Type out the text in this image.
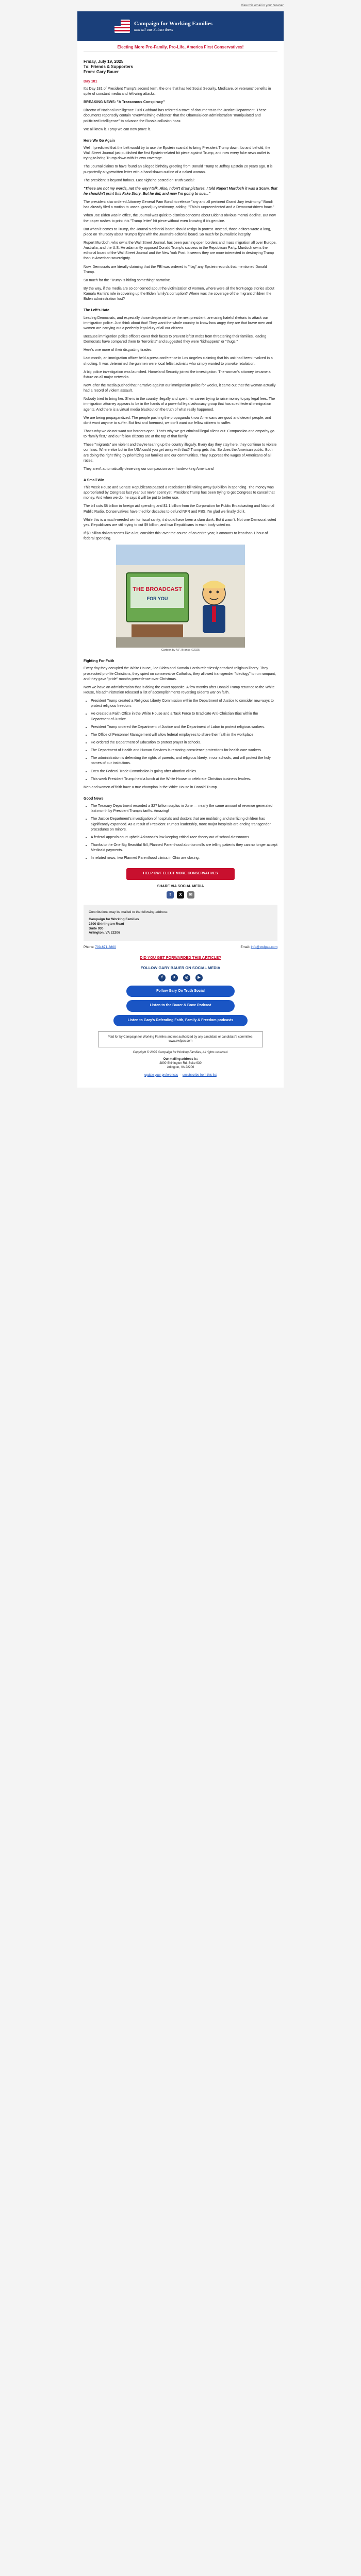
View this email in your browser
Campaign for Working Families
and all our Subscribers
Electing More Pro-Family, Pro-Life, America First Conservatives!
Friday, July 19, 2025
To: Friends & Supporters
From: Gary Bauer
Day 181

It's Day 181 of President Trump's second term, the one that has fed Social Security, Medicare, or veterans' benefits in spite of constant media and left-wing attacks.

BREAKING NEWS: "A Treasonous Conspiracy"

Director of National Intelligence Tulsi Gabbard has referred a trove of documents to the Justice Department. These documents reportedly contain "overwhelming evidence" that the Obama/Biden administration "manipulated and politicized intelligence" to advance the Russia collusion hoax.

We all knew it. I pray we can now prove it.

Here We Go Again

Well, I predicted that the Left would try to use the Epstein scandal to bring President Trump down. Lo and behold, the Wall Street Journal just published the first Epstein-related hit piece against Trump, and now every fake news outlet is trying to bring Trump down with its own coverage.

The Journal claims to have found an alleged birthday greeting from Donald Trump to Jeffrey Epstein 20 years ago. It is purportedly a typewritten letter with a hand-drawn outline of a naked woman.

The president is beyond furious. Last night he posted on Truth Social:

"These are not my words, not the way I talk. Also, I don't draw pictures. I told Rupert Murdoch it was a Scam, that he shouldn't print this Fake Story. But he did, and now I'm going to sue..."

The president also ordered Attorney General Pam Bondi to release "any and all pertinent Grand Jury testimony." Bondi has already filed a motion to unseal grand jury testimony, adding: "This is unprecedented and a Democrat-driven hoax."

When Joe Biden was in office, the Journal was quick to dismiss concerns about Biden's obvious mental decline. But now the paper rushes to print this "Trump letter" hit piece without even knowing if it's genuine.

But when it comes to Trump, the Journal's editorial board should resign in protest. Instead, those editors wrote a long, piece on Thursday about Trump's fight with the Journal's editorial board. So much for journalistic integrity.

Rupert Murdoch, who owns the Wall Street Journal, has been pushing open borders and mass migration all over Europe, Australia, and the U.S. He adamantly opposed Donald Trump's success in the Republican Party. Murdoch owns the editorial board of the Wall Street Journal and the New York Post. It seems they are more interested in destroying Trump than in American sovereignty.

Now, Democrats are literally claiming that the FBI was ordered to "flag" any Epstein records that mentioned Donald Trump.

So much for the "Trump is hiding something" narrative.

By the way, if the media are so concerned about the victimization of women, where were all the front-page stories about Kamala Harris's role in covering up the Biden family's corruption? Where was the coverage of the migrant children the Biden administration lost?

The Left's Hate

Leading Democrats, and especially those desperate to be the next president, are using hateful rhetoric to attack our immigration police. Just think about that! They want the whole country to know how angry they are that brave men and women are carrying out a perfectly legal duty of all our citizens.

Because immigration police officers cover their faces to prevent leftist mobs from threatening their families, leading Democrats have compared them to "terrorists" and suggested they were "kidnappers" or "thugs."

Here's one more of their disgusting tirades:

Last month, an immigration officer held a press conference in Los Angeles claiming that his unit had been involved in a shooting. It was determined the gunmen were local leftist activists who simply wanted to provoke retaliation.

A big police investigation was launched. Homeland Security joined the investigation. The woman's attorney became a fixture on all major networks.

Now, after the media pushed that narrative against our immigration police for weeks, it came out that the woman actually had a record of violent assault.

Nobody tried to bring her. She is in the country illegally and spent her career trying to raise money to pay legal fees. The immigration attorney appears to be in the hands of a powerful legal advocacy group that has sued federal immigration agents. And there is a virtual media blackout on the truth of what really happened.

We are being propagandized. The people pushing the propaganda know Americans are good and decent people, and don't want anyone to suffer. But first and foremost, we don't want our fellow citizens to suffer.

That's why we do not want our borders open. That's why we get criminal illegal aliens out. Compassion and empathy go to "family first," and our fellow citizens are at the top of that family.

These "migrants" are violent and they're tearing up the country illegally. Every day they stay here, they continue to violate our laws. Where else but in the USA could you get away with that? Trump gets this. So does the American public. Both are doing the right thing by prioritizing our families and our communities. They suppress the wages of Americans of all races.

They aren't automatically deserving our compassion over hardworking Americans!

A Small Win

This week House and Senate Republicans passed a rescissions bill taking away $9 billion in spending. The money was appropriated by Congress last year but never spent yet. President Trump has been trying to get Congress to cancel that money. And when we do, he says it will be put to better use.

The bill cuts $8 billion in foreign aid spending and $1.1 billion from the Corporation for Public Broadcasting and National Public Radio. Conservatives have tried for decades to defund NPR and PBS. I'm glad we finally did it.

While this is a much-needed win for fiscal sanity, it should have been a slam dunk. But it wasn't. Not one Democrat voted yes. Republicans are still trying to cut $9 billion, and two Republicans in each body voted no.

If $9 billion dollars seems like a lot, consider this: over the course of an entire year, it amounts to less than 1 hour of federal spending.

THE BROADCAST
FOR YOU
Cartoon by A.F. Branco ©2025
Fighting For Faith

Every day they occupied the White House, Joe Biden and Kamala Harris relentlessly attacked religious liberty. They prosecuted pro-life Christians, they spied on conservative Catholics, they allowed transgender "ideology" to run rampant, and they gave "pride" months precedence over Christmas.

Now we have an administration that is doing the exact opposite. A few months after Donald Trump returned to the White House, his administration released a list of accomplishments reversing Biden's war on faith.

• President Trump created a Religious Liberty Commission within the Department of Justice to consider new ways to protect religious freedom.
• He created a Faith Office in the White House and a Task Force to Eradicate Anti-Christian Bias within the Department of Justice.
• President Trump ordered the Department of Justice and the Department of Labor to protect religious workers.
• The Office of Personnel Management will allow federal employees to share their faith in the workplace.
• He ordered the Department of Education to protect prayer in schools.
• The Department of Health and Human Services is restoring conscience protections for health care workers.
• The administration is defending the rights of parents, and religious liberty, in our schools, and will protect the holy names of our institutions.
• Even the Federal Trade Commission is going after abortion clinics.
• This week President Trump held a lunch at the White House to celebrate Christian business leaders.

Men and women of faith have a true champion in the White House in Donald Trump.

Good News
• The Treasury Department recorded a $27 billion surplus in June — nearly the same amount of revenue generated last month by President Trump's tariffs. Amazing!
• The Justice Department's investigation of hospitals and doctors that are mutilating and sterilizing children has significantly expanded. As a result of President Trump's leadership, more major hospitals are ending transgender procedures on minors.
• A federal appeals court upheld Arkansas's law keeping critical race theory out of school classrooms.
• Thanks to the One Big Beautiful Bill, Planned Parenthood abortion mills are telling patients they can no longer accept Medicaid payments.
• In related news, two Planned Parenthood clinics in Ohio are closing.
HELP CWF ELECT MORE CONSERVATIVES
SHARE VIA SOCIAL MEDIA
f	X	✉

Contributions may be mailed to the following address:

Campaign for Working Families
2800 Shirlington Road
Suite 930
Arlington, VA 22206
Phone: 703-671-8800	Email: Info@cwfpac.com
DID YOU GET FORWARDED THIS ARTICLE?
FOLLOW GARY BAUER ON SOCIAL MEDIA
f	X	◎	▶
Follow Gary On Truth Social
Listen to the Bauer & Boxe Podcast
Listen to Gary's Defending Faith, Family & Freedom podcasts
Paid for by Campaign for Working Families and not authorized by any candidate or candidate's committee. www.cwfpac.com
Copyright © 2025 Campaign for Working Families, All rights reserved.
Our mailing address is:
2800 Shirlington Rd, Suite 930
Arlington, VA 22206
update your preferences  ·  unsubscribe from this list
